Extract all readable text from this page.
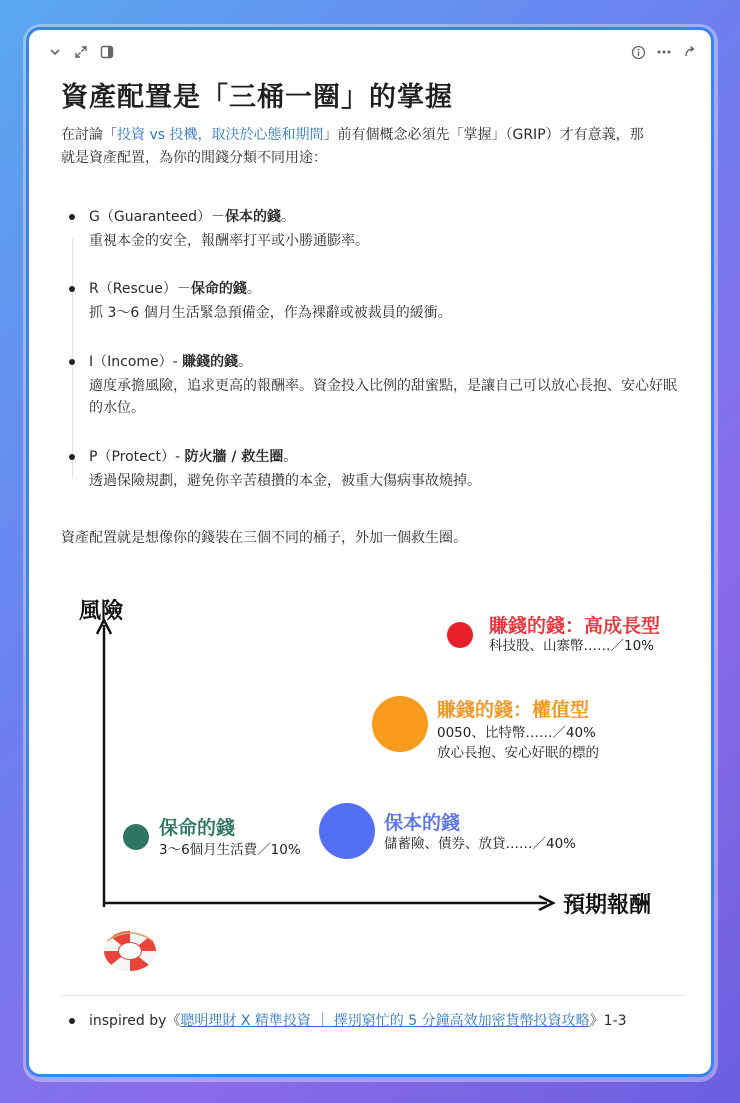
資產配置是「三桶一圈」的掌握
在討論「投資 vs 投機，取決於心態和期間」前有個概念必須先「掌握」（GRIP）才有意義，那
就是資產配置，為你的閒錢分類不同用途：
G（Guaranteed）－保本的錢。
重視本金的安全，報酬率打平或小勝通膨率。
R（Rescue）－保命的錢。
抓 3～6 個月生活緊急預備金，作為裸辭或被裁員的緩衝。
I（Income）- 賺錢的錢。
適度承擔風險，追求更高的報酬率。資金投入比例的甜蜜點，是讓自己可以放心長抱、安心好眠的水位。
P（Protect）- 防火牆 / 救生圈。
透過保險規劃，避免你辛苦積攢的本金，被重大傷病事故燒掉。
資產配置就是想像你的錢裝在三個不同的桶子，外加一個救生圈。
風險
預期報酬
賺錢的錢：高成長型
科技股、山寨幣……／10%
賺錢的錢：權值型
0050、比特幣……／40%
放心長抱、安心好眠的標的
保本的錢
儲蓄險、債券、放貸……／40%
保命的錢
3～6個月生活費／10%
inspired by《聰明理財 X 精準投資 ｜ 擇別窮忙的 5 分鐘高效加密貨幣投資攻略》1-3
